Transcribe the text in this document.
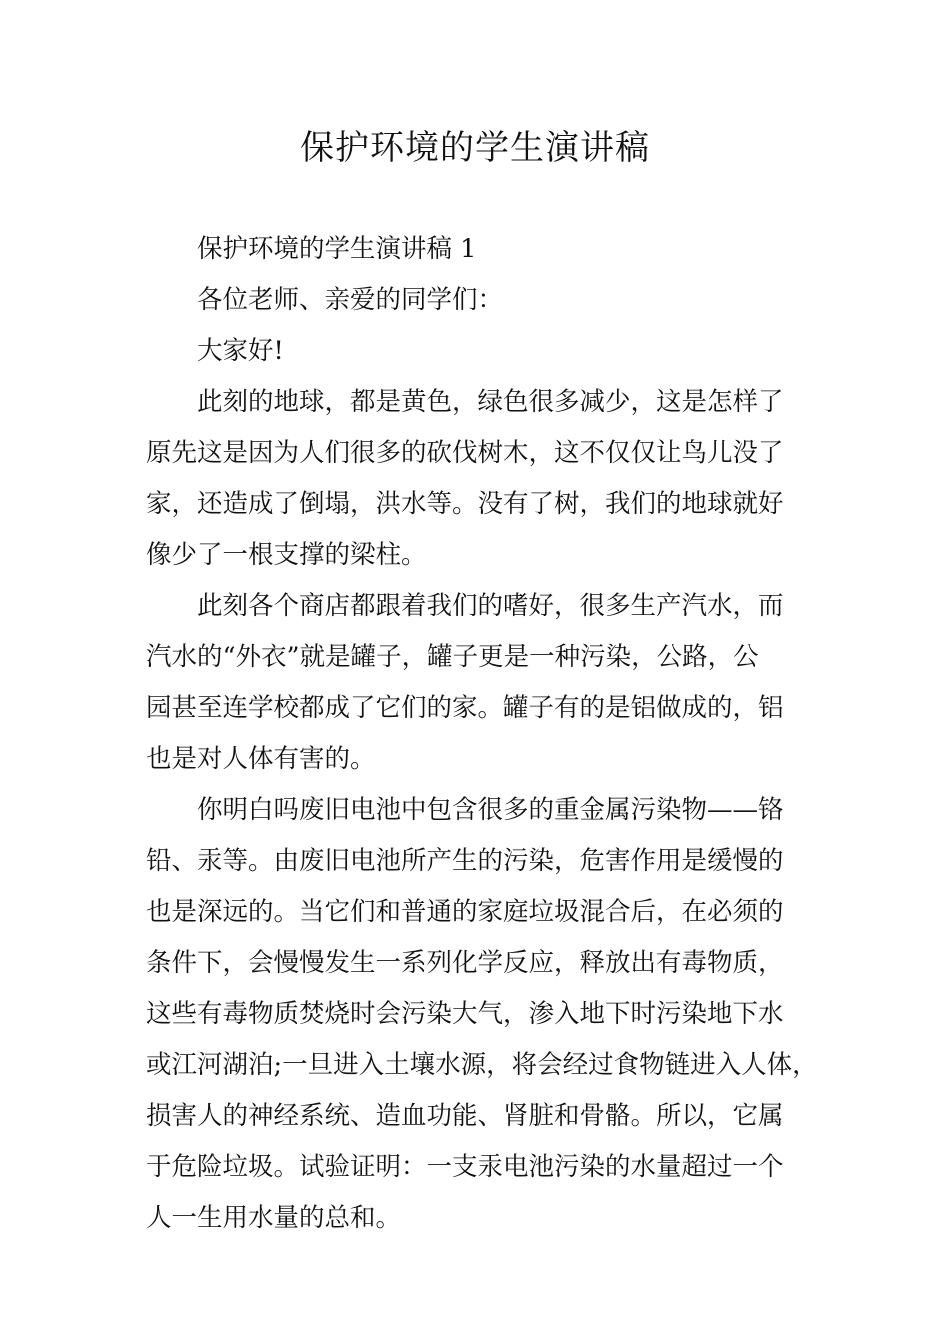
保护环境的学生演讲稿

保护环境的学生演讲稿 1

各位老师、亲爱的同学们：

大家好!

此刻的地球，都是黄色，绿色很多减少，这是怎样了

原先这是因为人们很多的砍伐树木，这不仅仅让鸟儿没了

家，还造成了倒塌，洪水等。没有了树，我们的地球就好

像少了一根支撑的梁柱。

此刻各个商店都跟着我们的嗜好，很多生产汽水，而

汽水的“外衣”就是罐子，罐子更是一种污染，公路，公

园甚至连学校都成了它们的家。罐子有的是铝做成的，铝

也是对人体有害的。

你明白吗废旧电池中包含很多的重金属污染物——铬

铅、汞等。由废旧电池所产生的污染，危害作用是缓慢的

也是深远的。当它们和普通的家庭垃圾混合后，在必须的

条件下，会慢慢发生一系列化学反应，释放出有毒物质，

这些有毒物质焚烧时会污染大气，渗入地下时污染地下水

或江河湖泊;一旦进入土壤水源，将会经过食物链进入人体，

损害人的神经系统、造血功能、肾脏和骨骼。所以，它属

于危险垃圾。试验证明：一支汞电池污染的水量超过一个

人一生用水量的总和。
